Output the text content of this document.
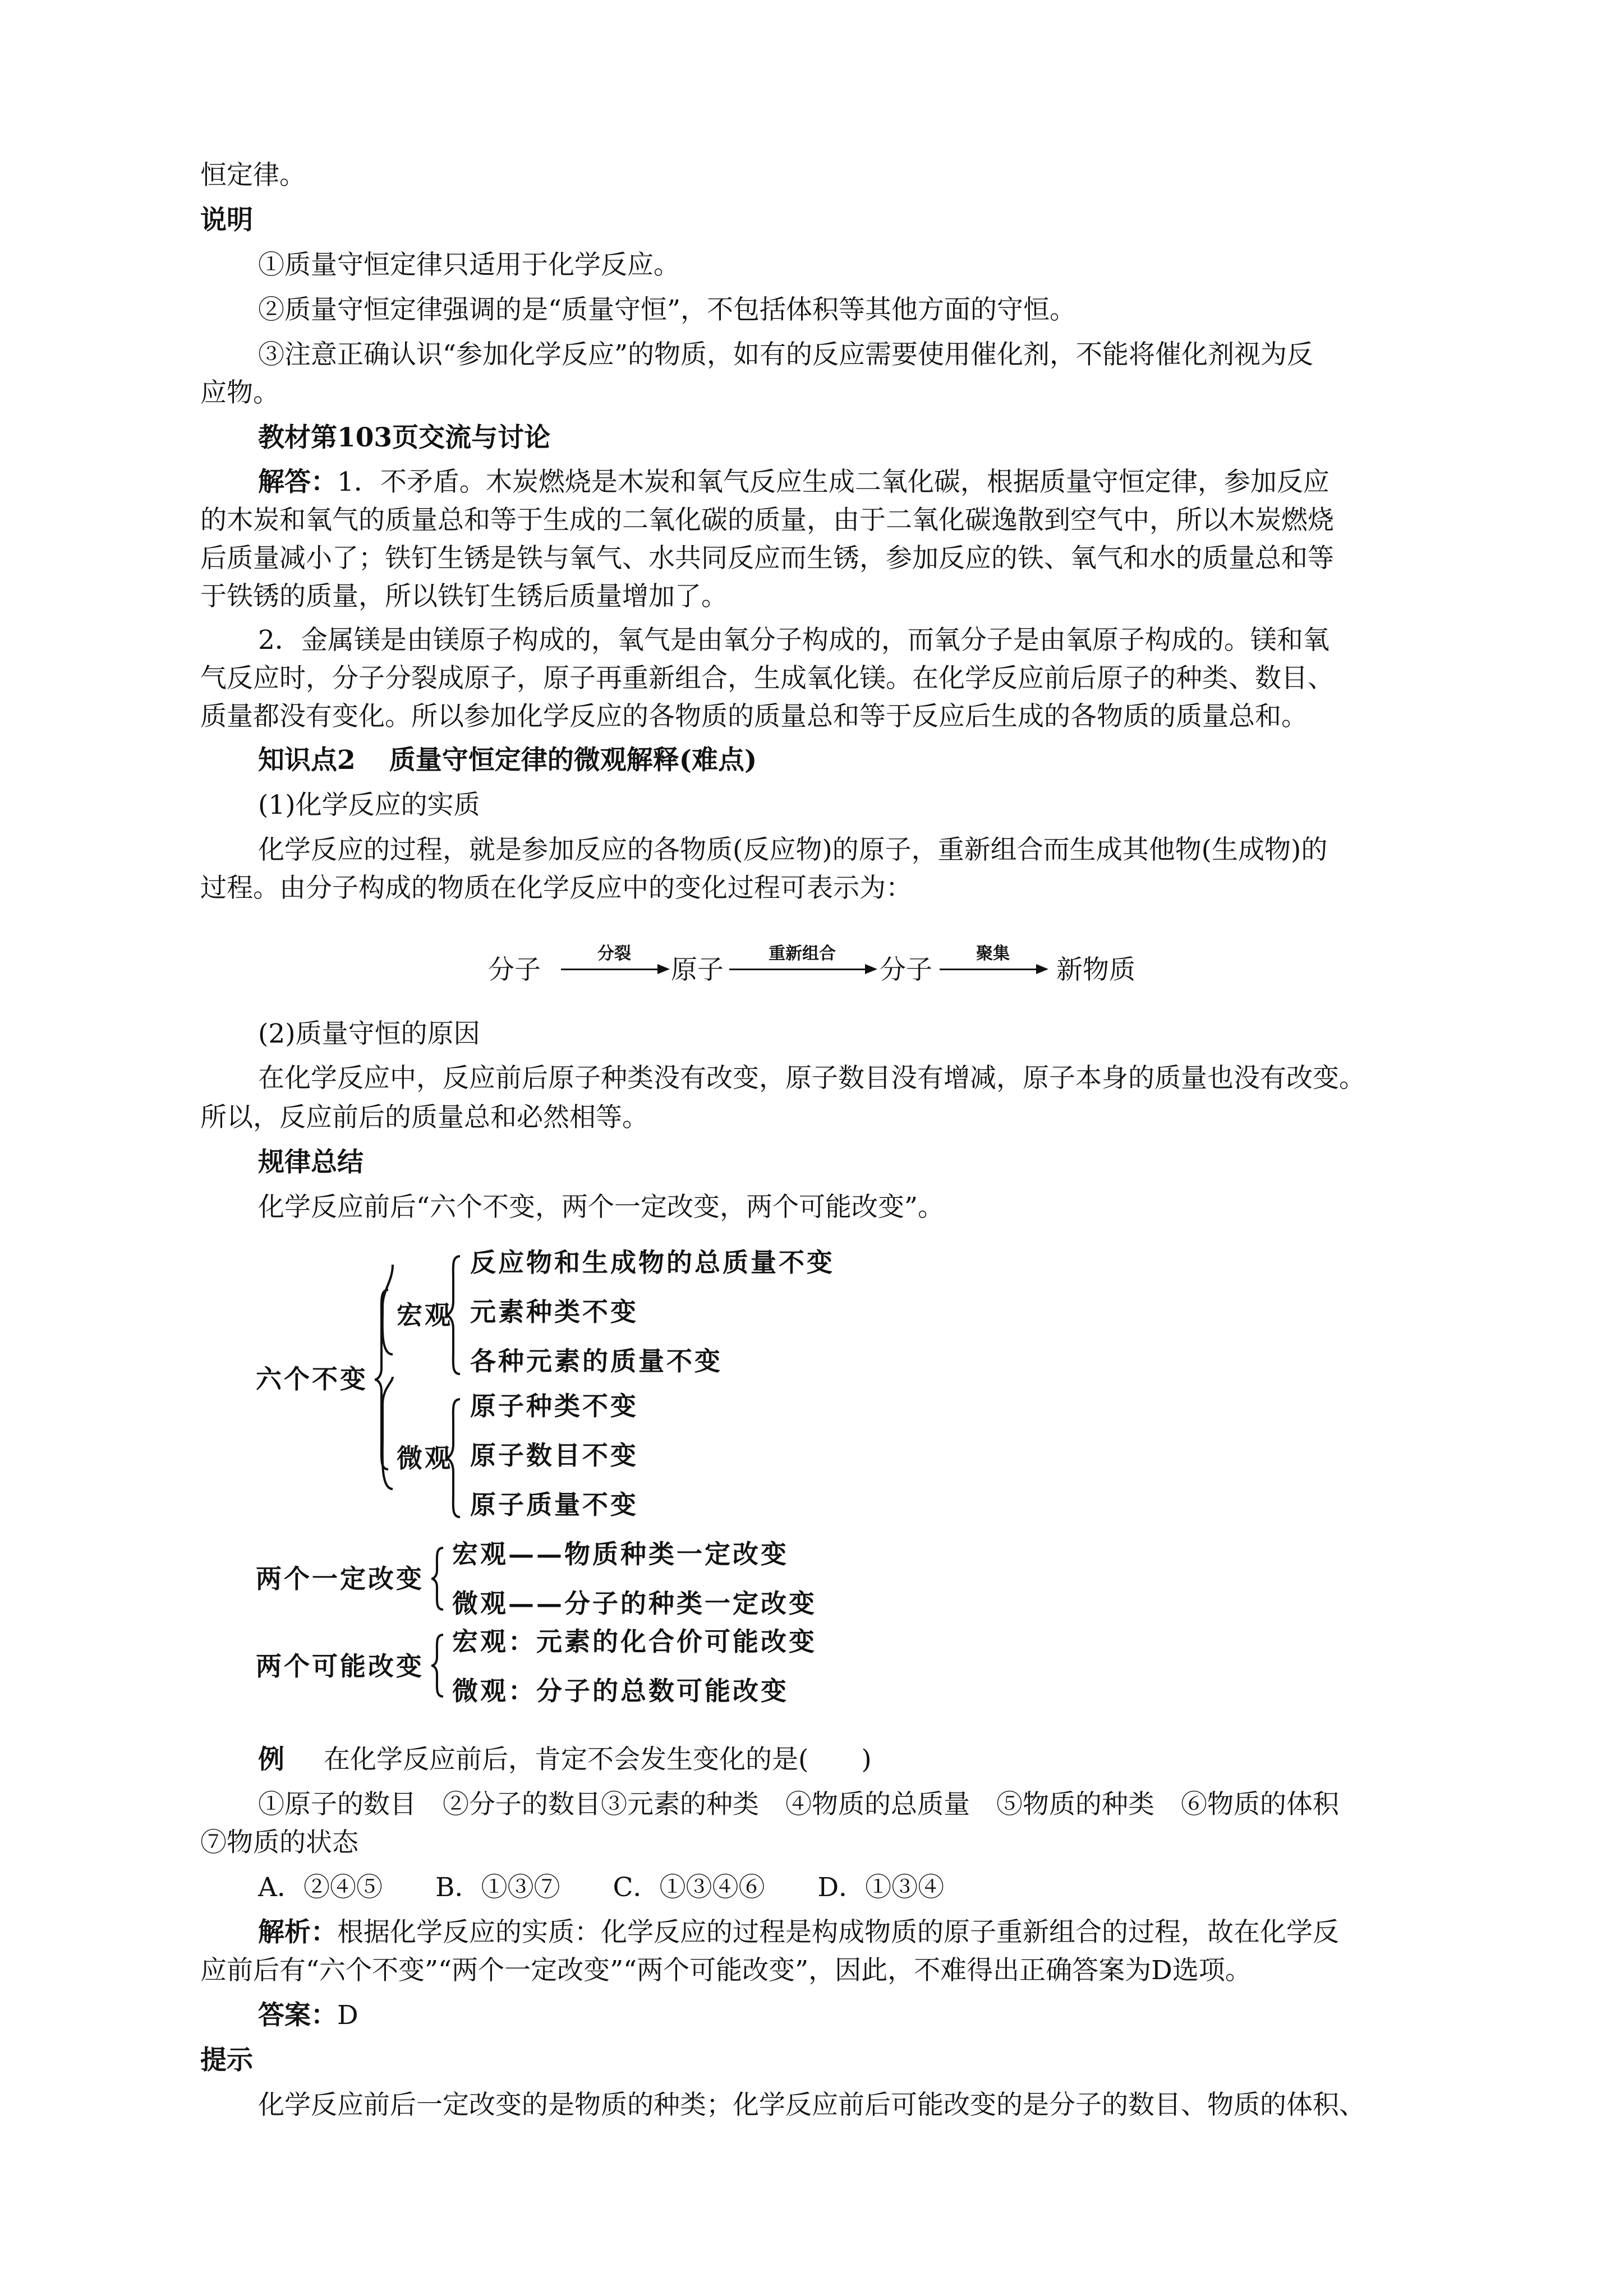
恒定律。
说明
①质量守恒定律只适用于化学反应。
②质量守恒定律强调的是“质量守恒”，不包括体积等其他方面的守恒。
③注意正确认识“参加化学反应”的物质，如有的反应需要使用催化剂，不能将催化剂视为反
应物。
教材第103页交流与讨论
解答：1．不矛盾。木炭燃烧是木炭和氧气反应生成二氧化碳，根据质量守恒定律，参加反应
的木炭和氧气的质量总和等于生成的二氧化碳的质量，由于二氧化碳逸散到空气中，所以木炭燃烧
后质量减小了；铁钉生锈是铁与氧气、水共同反应而生锈，参加反应的铁、氧气和水的质量总和等
于铁锈的质量，所以铁钉生锈后质量增加了。
2．金属镁是由镁原子构成的，氧气是由氧分子构成的，而氧分子是由氧原子构成的。镁和氧
气反应时，分子分裂成原子，原子再重新组合，生成氧化镁。在化学反应前后原子的种类、数目、
质量都没有变化。所以参加化学反应的各物质的质量总和等于反应后生成的各物质的质量总和。
知识点2 质量守恒定律的微观解释(难点)
(1)化学反应的实质
化学反应的过程，就是参加反应的各物质(反应物)的原子，重新组合而生成其他物(生成物)的
过程。由分子构成的物质在化学反应中的变化过程可表示为：
分子
分裂
原子
重新组合
分子
聚集
新物质
(2)质量守恒的原因
在化学反应中，反应前后原子种类没有改变，原子数目没有增减，原子本身的质量也没有改变。
所以，反应前后的质量总和必然相等。
规律总结
化学反应前后“六个不变，两个一定改变，两个可能改变”。
六个不变
宏观
微观
反应物和生成物的总质量不变
元素种类不变
各种元素的质量不变
原子种类不变
原子数目不变
原子质量不变
两个一定改变
宏观——物质种类一定改变
微观——分子的种类一定改变
两个可能改变
宏观：元素的化合价可能改变
微观：分子的总数可能改变
例 在化学反应前后，肯定不会发生变化的是(　　)
①原子的数目　②分子的数目③元素的种类　④物质的总质量　⑤物质的种类　⑥物质的体积
⑦物质的状态
A．②④⑤　　B．①③⑦　　C．①③④⑥　　D．①③④
解析：根据化学反应的实质：化学反应的过程是构成物质的原子重新组合的过程，故在化学反
应前后有“六个不变”“两个一定改变”“两个可能改变”，因此，不难得出正确答案为D选项。
答案：D
提示
化学反应前后一定改变的是物质的种类；化学反应前后可能改变的是分子的数目、物质的体积、
